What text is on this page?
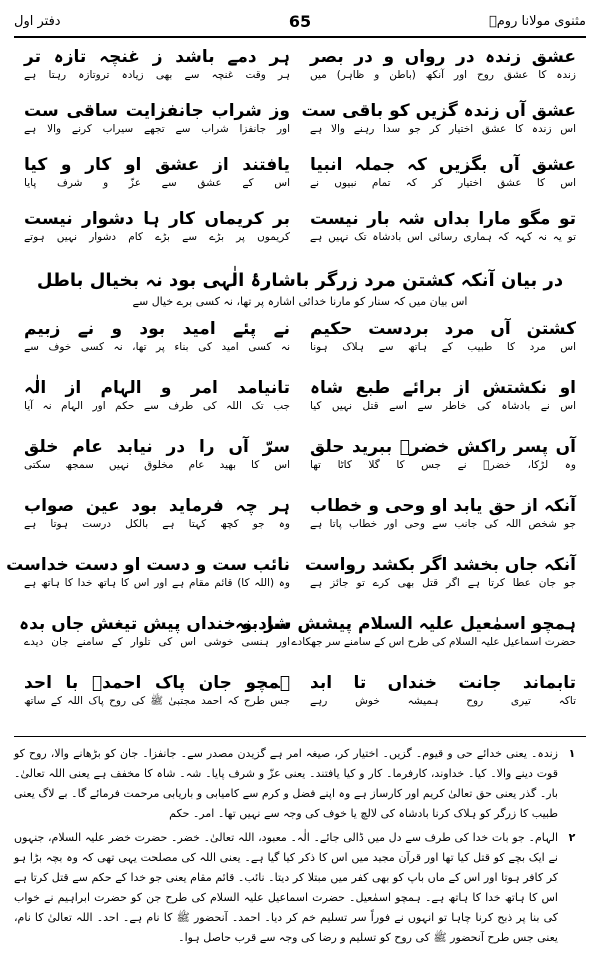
مثنوی مولانا رومؒ
65
دفتر اول
عشق زندہ در رواں و در بصر
زندہ کا عشق روح اور آنکھ (باطن و ظاہر) میں
عشق آں زندہ گزیں کو باقی ست
اس زندہ کا عشق اختیار کر جو سدا رہنے والا ہے
عشق آں بگزیں کہ جملہ انبیا
اس کا عشق اختیار کر کہ تمام نبیوں نے
تو مگو مارا بداں شہ بار نیست
تو یہ نہ کہہ کہ ہماری رسائی اس بادشاہ تک نہیں ہے
ہر دمے باشد ز غنچہ تازہ تر
ہر وقت غنچہ سے بھی زیادہ تروتازہ رہتا ہے
وز شراب جانفزایت ساقی ست
اور جانفزا شراب سے تجھے سیراب کرنے والا ہے
یافتند از عشق او کار و کیا
اس کے عشق سے عزّ و شرف پایا
بر کریماں کار ہا دشوار نیست
کریموں پر بڑے سے بڑے کام دشوار نہیں ہوتے
در بیان آنکہ کشتن مرد زرگر باشارۂ الٰہی بود نہ بخیال باطل
اس بیان میں کہ سنار کو مارنا خدائی اشارہ پر تھا، نہ کسی برے خیال سے
کشتن آں مرد بردست حکیم
اس مرد کا طبیب کے ہاتھ سے ہلاک ہونا
او نکشتش از برائے طبع شاہ
اس نے بادشاہ کی خاطر سے اسے قتل نہیں کیا
آں پسر راکش خضرؑ ببرید حلق
وہ لڑکا، خضرؑ نے جس کا گلا کاٹا تھا
آنکہ از حق یابد او وحی و خطاب
جو شخص اللہ کی جانب سے وحی اور خطاب پاتا ہے
آنکہ جاں بخشد اگر بکشد رواست
جو جان عطا کرتا ہے اگر قتل بھی کرے تو جائز ہے
ہمچو اسمٰعیل علیہ السلام پیشش سر بنہ
حضرت اسماعیل علیہ السلام کی طرح اس کے سامنے سر جھکادے
تابماند جانت خنداں تا ابد
تاکہ تیری روح ہمیشہ خوش رہے
نے پئے امید بود و نے زبیم
نہ کسی امید کی بناء پر تھا، نہ کسی خوف سے
تانیامد امر و الہام از الٰہ
جب تک اللہ کی طرف سے حکم اور الہام نہ آیا
سرّ آں را در نیابد عام خلق
اس کا بھید عام مخلوق نہیں سمجھ سکتی
ہر چہ فرماید بود عین صواب
وہ جو کچھ کہتا ہے بالکل درست ہوتا ہے
نائب ست و دست او دست خداست
وہ (اللہ کا) قائم مقام ہے اور اس کا ہاتھ خدا کا ہاتھ ہے
شاد و خنداں پیش تیغش جاں بدہ
اور ہنسی خوشی اس کی تلوار کے سامنے جان دیدے
ہمچو جان پاک احمدؐ با احد
جس طرح کہ احمد مجتبیٰ ﷺ کی روح پاک اللہ کے ساتھ
۱
زندہ۔ یعنی خدائے حی و قیوم۔ گزیں۔ اختیار کر، صیغہ امر ہے گزیدن مصدر سے۔ جانفزا۔ جان کو بڑھانے والا، روح کو قوت دینے والا۔ کیا۔ خداوند، کارفرما۔ کار و کیا یافتند۔ یعنی عزّ و شرف پایا۔ شہ۔ شاہ کا مخفف ہے یعنی اللہ تعالیٰ۔ بار۔ گذر یعنی حق تعالیٰ کریم اور کارساز ہے وہ اپنے فضل و کرم سے کامیابی و باریابی مرحمت فرمائے گا۔ بے لاگ یعنی طبیب کا زرگر کو ہلاک کرنا بادشاہ کی لالچ یا خوف کی وجہ سے نہیں تھا۔ امر۔ حکم
۲
الہام۔ جو بات خدا کی طرف سے دل میں ڈالی جائے۔ الٰہ۔ معبود، اللہ تعالیٰ۔ خضر۔ حضرت خضر علیہ السلام، جنہوں نے ایک بچے کو قتل کیا تھا اور قرآن مجید میں اس کا ذکر کیا گیا ہے۔ یعنی اللہ کی مصلحت یہی تھی کہ وہ بچہ بڑا ہو کر کافر ہوتا اور اس کے ماں باپ کو بھی کفر میں مبتلا کر دیتا۔ نائب۔ قائم مقام یعنی جو خدا کے حکم سے قتل کرتا ہے اس کا ہاتھ خدا کا ہاتھ ہے۔ ہمچو اسمٰعیل۔ حضرت اسماعیل علیہ السلام کی طرح جن کو حضرت ابراہیم نے خواب کی بنا پر ذبح کرنا چاہا تو انہوں نے فوراً سر تسلیم خم کر دیا۔ احمد۔ آنحضور ﷺ کا نام ہے۔ احد۔ اللہ تعالیٰ کا نام، یعنی جس طرح آنحضور ﷺ کی روح کو تسلیم و رضا کی وجہ سے قرب حاصل ہوا۔
